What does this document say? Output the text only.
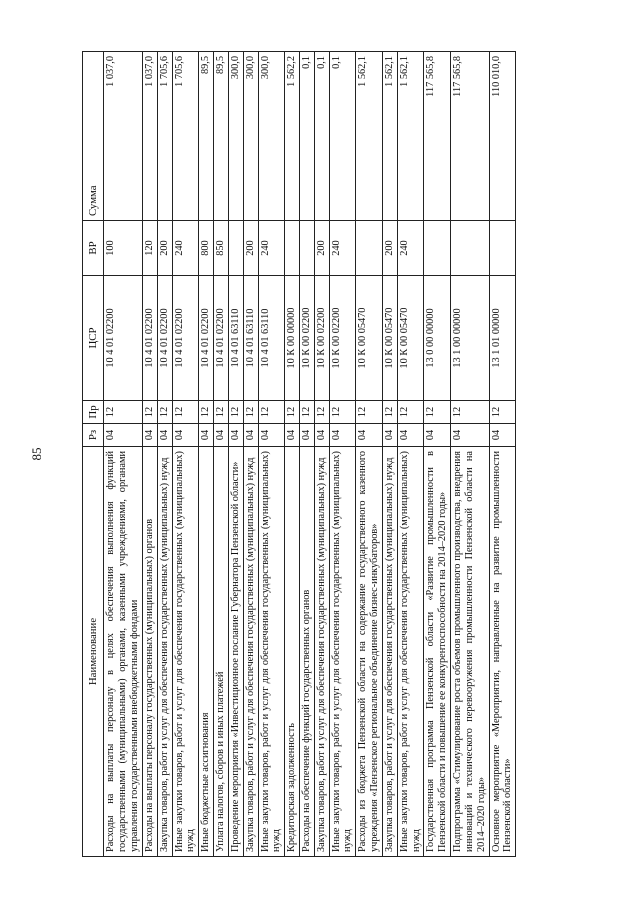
85
Наименование	Рз	Пр	ЦСР	ВР	Сумма
Расходы на выплаты персоналу в целях обеспечения выполнения функций государственными (муниципальными) органами, казенными учреждениями, органами управления государственными внебюджетными фондами	04	12	10 4 01 02200	100	1 037,0
Расходы на выплаты персоналу государственных (муниципальных) органов	04	12	10 4 01 02200	120	1 037,0
Закупка товаров, работ и услуг для обеспечения государственных (муниципальных) нужд	04	12	10 4 01 02200	200	1 705,6
Иные закупки товаров, работ и услуг для обеспечения государственных (муниципальных) нужд	04	12	10 4 01 02200	240	1 705,6
Иные бюджетные ассигнования	04	12	10 4 01 02200	800	89,5
Уплата налогов, сборов и иных платежей	04	12	10 4 01 02200	850	89,5
Проведение мероприятия «Инвестиционное послание Губернатора Пензенской области»	04	12	10 4 01 63110		300,0
Закупка товаров, работ и услуг для обеспечения государственных (муниципальных) нужд	04	12	10 4 01 63110	200	300,0
Иные закупки товаров, работ и услуг для обеспечения государственных (муниципальных) нужд	04	12	10 4 01 63110	240	300,0
Кредиторская задолженность	04	12	10 К 00 00000		1 562,2
Расходы на обеспечение функций государственных органов	04	12	10 К 00 02200		0,1
Закупка товаров, работ и услуг для обеспечения государственных (муниципальных) нужд	04	12	10 К 00 02200	200	0,1
Иные закупки товаров, работ и услуг для обеспечения государственных (муниципальных) нужд	04	12	10 К 00 02200	240	0,1
Расходы из бюджета Пензенской области на содержание государственного казенного учреждения «Пензенское региональное объединение бизнес-инкубаторов»	04	12	10 К 00 05470		1 562,1
Закупка товаров, работ и услуг для обеспечения государственных (муниципальных) нужд	04	12	10 К 00 05470	200	1 562,1
Иные закупки товаров, работ и услуг для обеспечения государственных (муниципальных) нужд	04	12	10 К 00 05470	240	1 562,1
Государственная программа Пензенской области «Развитие промышленности в Пензенской области и повышение ее конкурентоспособности на 2014–2020 годы»	04	12	13 0 00 00000		117 565,8
Подпрограмма «Стимулирование роста объемов промышленного производства, внедрения инноваций и технического перевооружения промышленности Пензенской области на 2014–2020 годы»	04	12	13 1 00 00000		117 565,8
Основное мероприятие «Мероприятия, направленные на развитие промышленности Пензенской области»	04	12	13 1 01 00000		110 010,0
